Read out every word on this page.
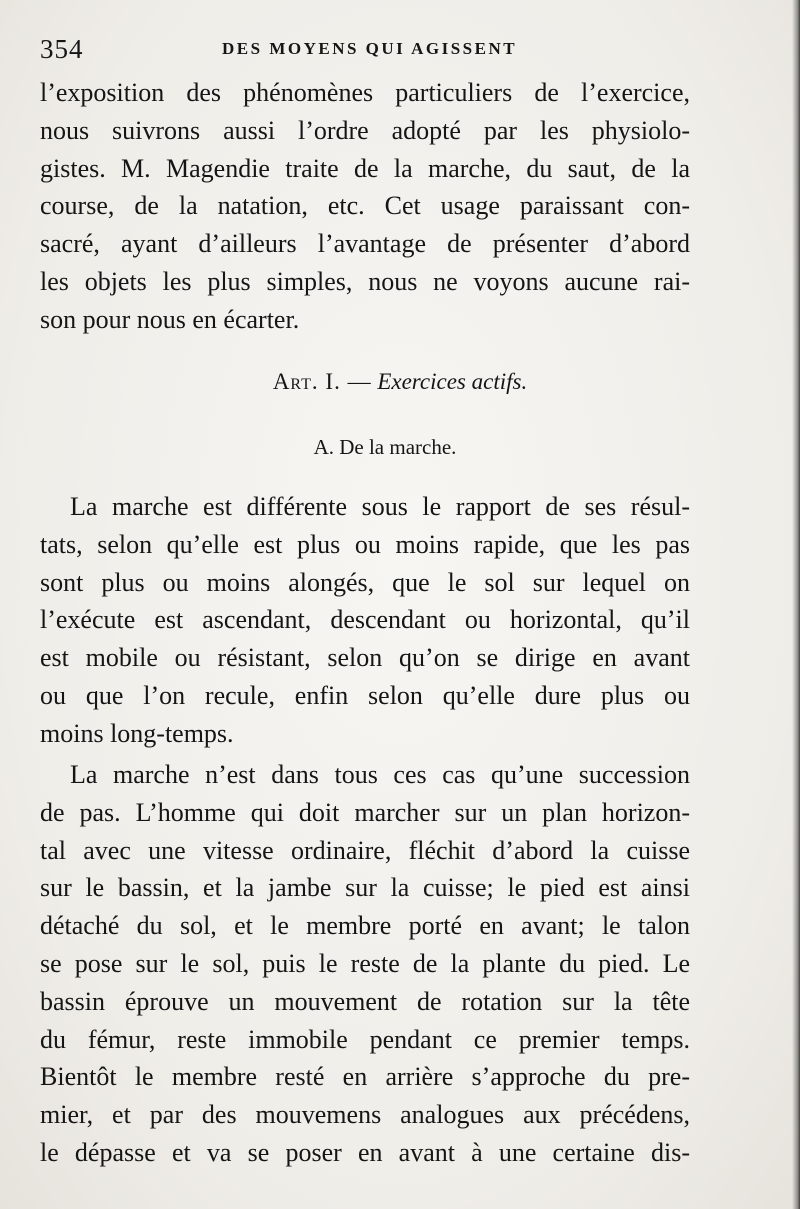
354	DES MOYENS QUI AGISSENT
l’exposition des phénomènes particuliers de l’exercice,
nous suivrons aussi l’ordre adopté par les physiolo-
gistes. M. Magendie traite de la marche, du saut, de la
course, de la natation, etc. Cet usage paraissant con-
sacré, ayant d’ailleurs l’avantage de présenter d’abord
les objets les plus simples, nous ne voyons aucune rai-
son pour nous en écarter.
Art. I. — Exercices actifs.
A. De la marche.
La marche est différente sous le rapport de ses résul-
tats, selon qu’elle est plus ou moins rapide, que les pas
sont plus ou moins alongés, que le sol sur lequel on
l’exécute est ascendant, descendant ou horizontal, qu’il
est mobile ou résistant, selon qu’on se dirige en avant
ou que l’on recule, enfin selon qu’elle dure plus ou
moins long-temps.
La marche n’est dans tous ces cas qu’une succession
de pas. L’homme qui doit marcher sur un plan horizon-
tal avec une vitesse ordinaire, fléchit d’abord la cuisse
sur le bassin, et la jambe sur la cuisse; le pied est ainsi
détaché du sol, et le membre porté en avant; le talon
se pose sur le sol, puis le reste de la plante du pied. Le
bassin éprouve un mouvement de rotation sur la tête
du fémur, reste immobile pendant ce premier temps.
Bientôt le membre resté en arrière s’approche du pre-
mier, et par des mouvemens analogues aux précédens,
le dépasse et va se poser en avant à une certaine dis-
